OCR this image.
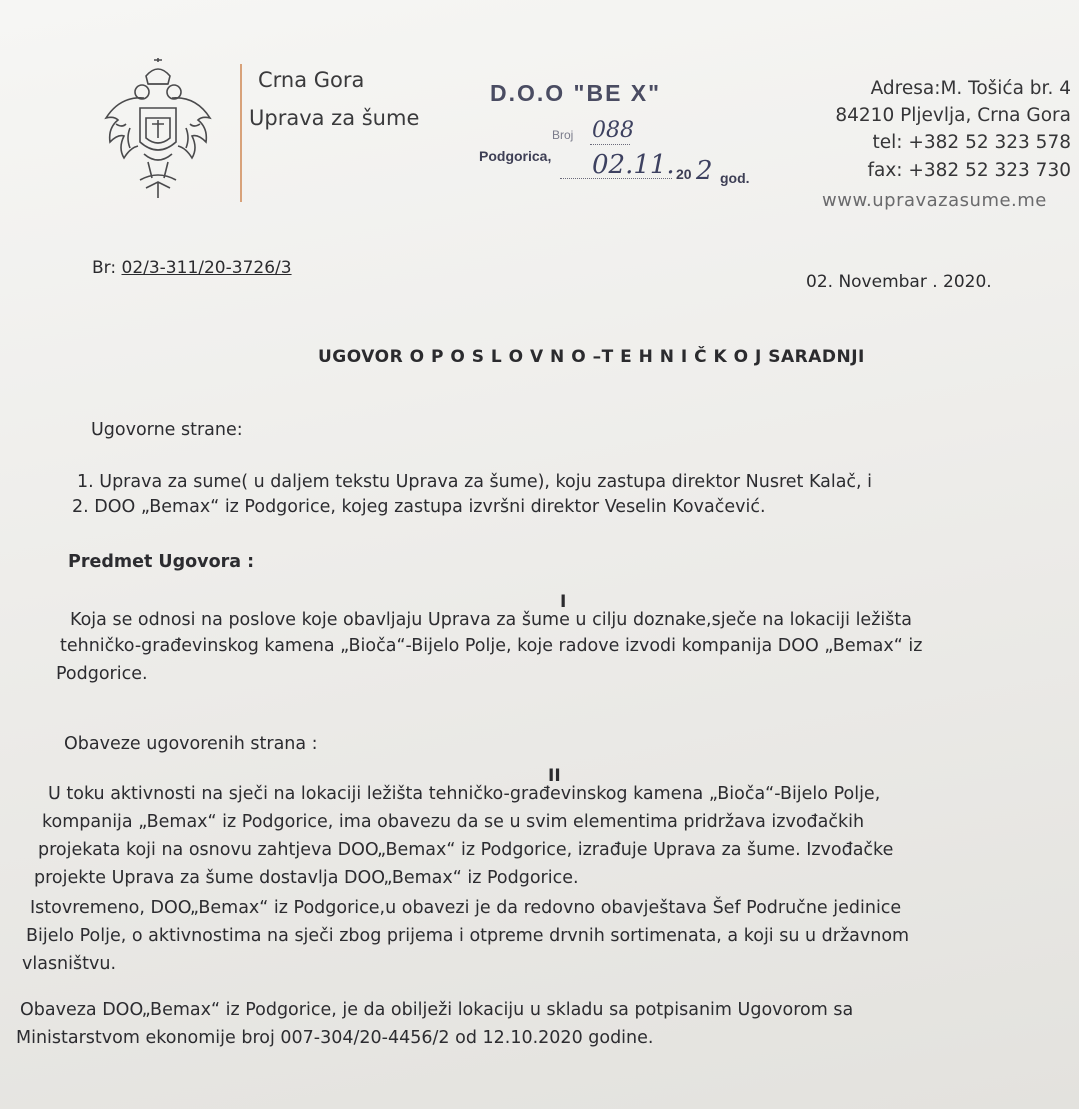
Crna Gora
Uprava za šume
D.O.O "BE X"
Broj 088
Podgorica, 02.11. 20 2 god.
Adresa:M. Tošića br. 4
84210 Pljevlja, Crna Gora
tel: +382 52 323 578
fax: +382 52 323 730
www.upravazasume.me
Br: 02/3-311/20-3726/3
02. Novembar . 2020.
UGOVOR O P O S L O V N O –T E H N I Č K O J SARADNJI
Ugovorne strane:
1. Uprava za sume( u daljem tekstu Uprava za šume), koju zastupa direktor Nusret Kalač, i
2. DOO „Bemax“ iz Podgorice, kojeg zastupa izvršni direktor Veselin Kovačević.
Predmet Ugovora :
I
Koja se odnosi na poslove koje obavljaju Uprava za šume u cilju doznake,sječe na lokaciji ležišta
tehničko-građevinskog kamena „Bioča“-Bijelo Polje, koje radove izvodi kompanija DOO „Bemax“ iz
Podgorice.
Obaveze ugovorenih strana :
II
U toku aktivnosti na sječi na lokaciji ležišta tehničko-građevinskog kamena „Bioča“-Bijelo Polje,
kompanija „Bemax“ iz Podgorice, ima obavezu da se u svim elementima pridržava izvođačkih
projekata koji na osnovu zahtjeva DOO„Bemax“ iz Podgorice, izrađuje Uprava za šume. Izvođačke
projekte Uprava za šume dostavlja DOO„Bemax“ iz Podgorice.
Istovremeno, DOO„Bemax“ iz Podgorice,u obavezi je da redovno obavještava Šef Područne jedinice
Bijelo Polje, o aktivnostima na sječi zbog prijema i otpreme drvnih sortimenata, a koji su u državnom
vlasništvu.
Obaveza DOO„Bemax“ iz Podgorice, je da obilježi lokaciju u skladu sa potpisanim Ugovorom sa
Ministarstvom ekonomije broj 007-304/20-4456/2 od 12.10.2020 godine.
